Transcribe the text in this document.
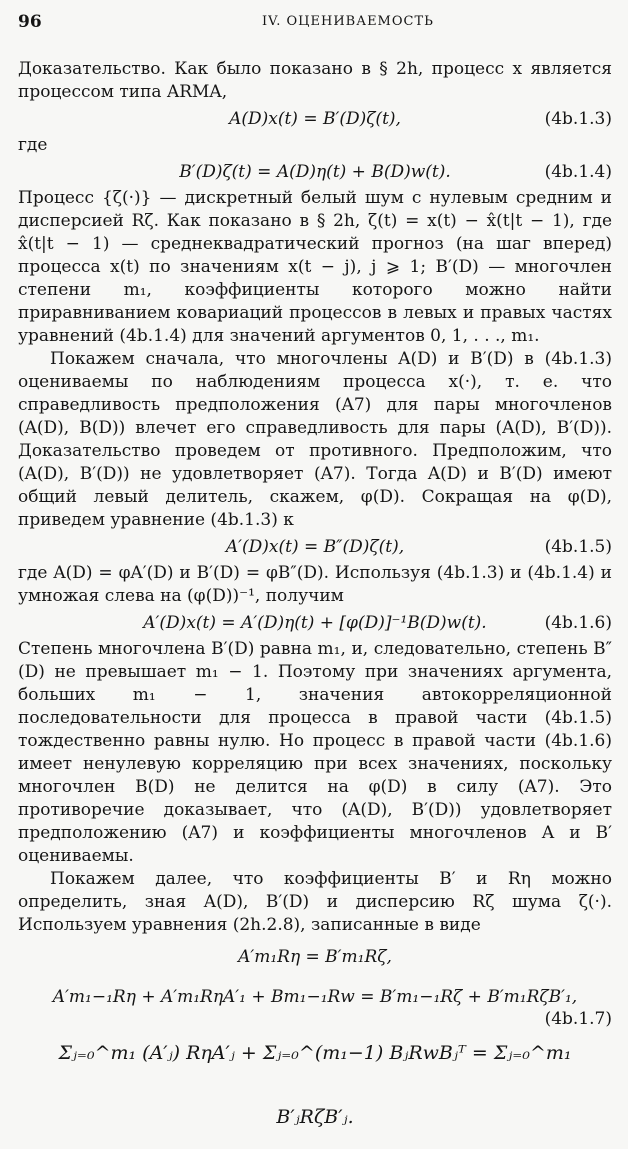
96	IV. ОЦЕНИВАЕМОСТЬ

Доказательство. Как было показано в § 2h, процесс x является процессом типа ARMA,

A(D)x(t) = B′(D)ζ(t),	(4b.1.3)
где
B′(D)ζ(t) = A(D)η(t) + B(D)w(t).	(4b.1.4)

Процесс {ζ(·)} — дискретный белый шум с нулевым средним и дисперсией Rζ. Как показано в § 2h, ζ(t) = x(t) − x̂(t|t − 1), где x̂(t|t − 1) — среднеквадратический прогноз (на шаг вперед) процесса x(t) по значениям x(t − j), j ⩾ 1; B′(D) — многочлен степени m₁, коэффициенты которого можно найти приравниванием ковариаций процессов в левых и правых частях уравнений (4b.1.4) для значений аргументов 0, 1, . . ., m₁.

Покажем сначала, что многочлены A(D) и B′(D) в (4b.1.3) оцениваемы по наблюдениям процесса x(·), т. е. что справедливость предположения (A7) для пары многочленов (A(D), B(D)) влечет его справедливость для пары (A(D), B′(D)). Доказательство проведем от противного. Предположим, что (A(D), B′(D)) не удовлетворяет (A7). Тогда A(D) и B′(D) имеют общий левый делитель, скажем, φ(D). Сокращая на φ(D), приведем уравнение (4b.1.3) к

A′(D)x(t) = B″(D)ζ(t),	(4b.1.5)

где A(D) = φA′(D) и B′(D) = φB″(D). Используя (4b.1.3) и (4b.1.4) и умножая слева на (φ(D))⁻¹, получим

A′(D)x(t) = A′(D)η(t) + [φ(D)]⁻¹B(D)w(t).	(4b.1.6)

Степень многочлена B′(D) равна m₁, и, следовательно, степень B″(D) не превышает m₁ − 1. Поэтому при значениях аргумента, больших m₁ − 1, значения автокорреляционной последовательности для процесса в правой части (4b.1.5) тождественно равны нулю. Но процесс в правой части (4b.1.6) имеет ненулевую корреляцию при всех значениях, поскольку многочлен B(D) не делится на φ(D) в силу (A7). Это противоречие доказывает, что (A(D), B′(D)) удовлетворяет предположению (A7) и коэффициенты многочленов A и B′ оцениваемы.

Покажем далее, что коэффициенты B′ и Rη можно определить, зная A(D), B′(D) и дисперсию Rζ шума ζ(·). Используем уравнения (2h.2.8), записанные в виде

A′m₁Rη = B′m₁Rζ,
A′m₁−₁Rη + A′m₁RηA′₁ + Bm₁−₁Rw = B′m₁−₁Rζ + B′m₁RζB′₁,
(4b.1.7)
Σⱼ₌₀^m₁ (A′ⱼ) RηA′ⱼ + Σⱼ₌₀^(m₁−1) BⱼRwBⱼᵀ = Σⱼ₌₀^m₁ B′ⱼRζB′ⱼ.
